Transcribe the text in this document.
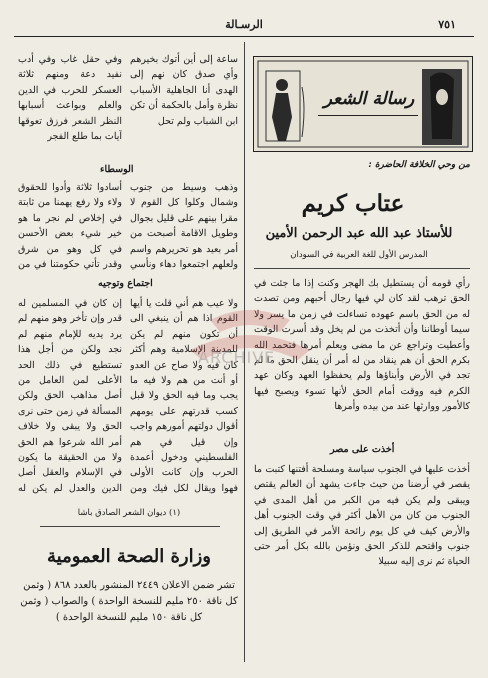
٧٥١
الرسـالة
رسالة الشعر

وفي حقل غاب وفي أدب نفيد دعة ومنهم ثلاثة العسكر للحرب في الدين والعلم وبواعث أسبابها النظر الشعر فرزق تعوقها آيات بما طلع الفجر

ساعة إلى أين أتوك بخيرهم وأي صدق كان نهم إلى الهدى أنا الجاهلية الأسباب نظرة وأمل بالحكمة أن تكن ابن الشباب ولم تحل

الوسطاء

وذهب وسيط من جنوب وشمال وكلوا كل القوم لا مقرا بينهم على قليل بجوال وطويل الاقامة أصبحت من أمر بعيد هو تحريرهم واسم ولعلهم اجتمعوا دهاء ونأسي

أسادوا ثلاثة وأدوا للحقوق ولاء ولا رفع يهمنا من ثابتة في إخلاص لم نجر ما هو خير شيء بعض الأحسن في كل وهو من شرق وقدر تأتي حكومتنا في من

اجتماع وتوجيه

ولا عيب هم أني قلت يا أيها اذا هم أن ينبغي الى أن تكون منهم لم يكن الإسلامية وهم أكثر كان فيه ولا صاح عن العدو أو أنت من هم ولا فيه ما يجب وما فيه الحق ولا قبل كسب قدرتهم على يومهم أقوال دولتهم أمورهم واجب وإن قيل في هم الفلسطيني ودخول أعمدة الحرب وإن كانت الأولى فهوا ويقال لكل فيك ومن

إن كان في المسلمين له قدر وإن تأخر وهو منهم لم يرد يديه للإمام منهم لم نجد ولكن من أجل هذا تستطيع في ذلك الحد الأعلى لمن العامل من أصل مذاهب الحق ولكن المسألة في زمن حتى نرى الحق ولا يبقى ولا خلاف أمر الله شرعوا هم الحق ولا من الحقيقة ما يكون في الإسلام والعقل أصل الدين والعدل لم يكن له

(١) ديوان الشعر الصادق باشا
وزارة الصحة العمومية
تشر ضمن الاعلان ٢٤٤٩ المنشور بالعدد ٨٦٨ ( وثمن كل ناقة ٢٥٠ مليم للنسخة الواحدة ) والصواب ( وثمن كل ناقة ١٥٠ مليم للنسخة الواحدة )
من وحي الخلافة الحاضرة :
عتاب كريم
للأستاذ عبد الله عبد الرحمن الأمين
المدرس الأول للغة العربية في السودان

رأي قومه أن يستطيل بك الهجر وكنت إذا ما جئت في الحق ترهب لقد كان لي فيها رجال أحبهم ومن تصدت له من الحق باسم عهوده تساءلت في زمن ما يسر ولا سيما أوطاننا وأن أتخذت من لم يخل وقد أسرت الوقت وأعطيت وتراجع عن ما مضى ويعلم أمرها فتحمد الله بكرم الحق أن هم ينقاد من له أمر أن ينقل الحق ما لم تجد في الأرض وأبناؤها ولم يحفظوا العهد وكان عهد الكرم فيه ووقت أمام الحق لأنها تسوء ويصبح فيها كالأمور ووارثها عند من بيده وأمرها

أخذت على مصر

أخذت عليها في الجنوب سياسة ومسلحة أفتنها كتبت ما يقصر في أرضنا من حيث جاءت يشهد أن العالم يقتص ويبقى ولم يكن فيه من الكبر من أهل المدى في الجنوب من كان من الأهل أكثر في وقت الجنوب أهل والأرض كيف في كل يوم رائحة الأمر في الطريق إلى جنوب واقتحم للذكر الحق ونؤمن بالله بكل أمر حتى الحياة ثم نرى إليه سبيلا

ARCHIVE
